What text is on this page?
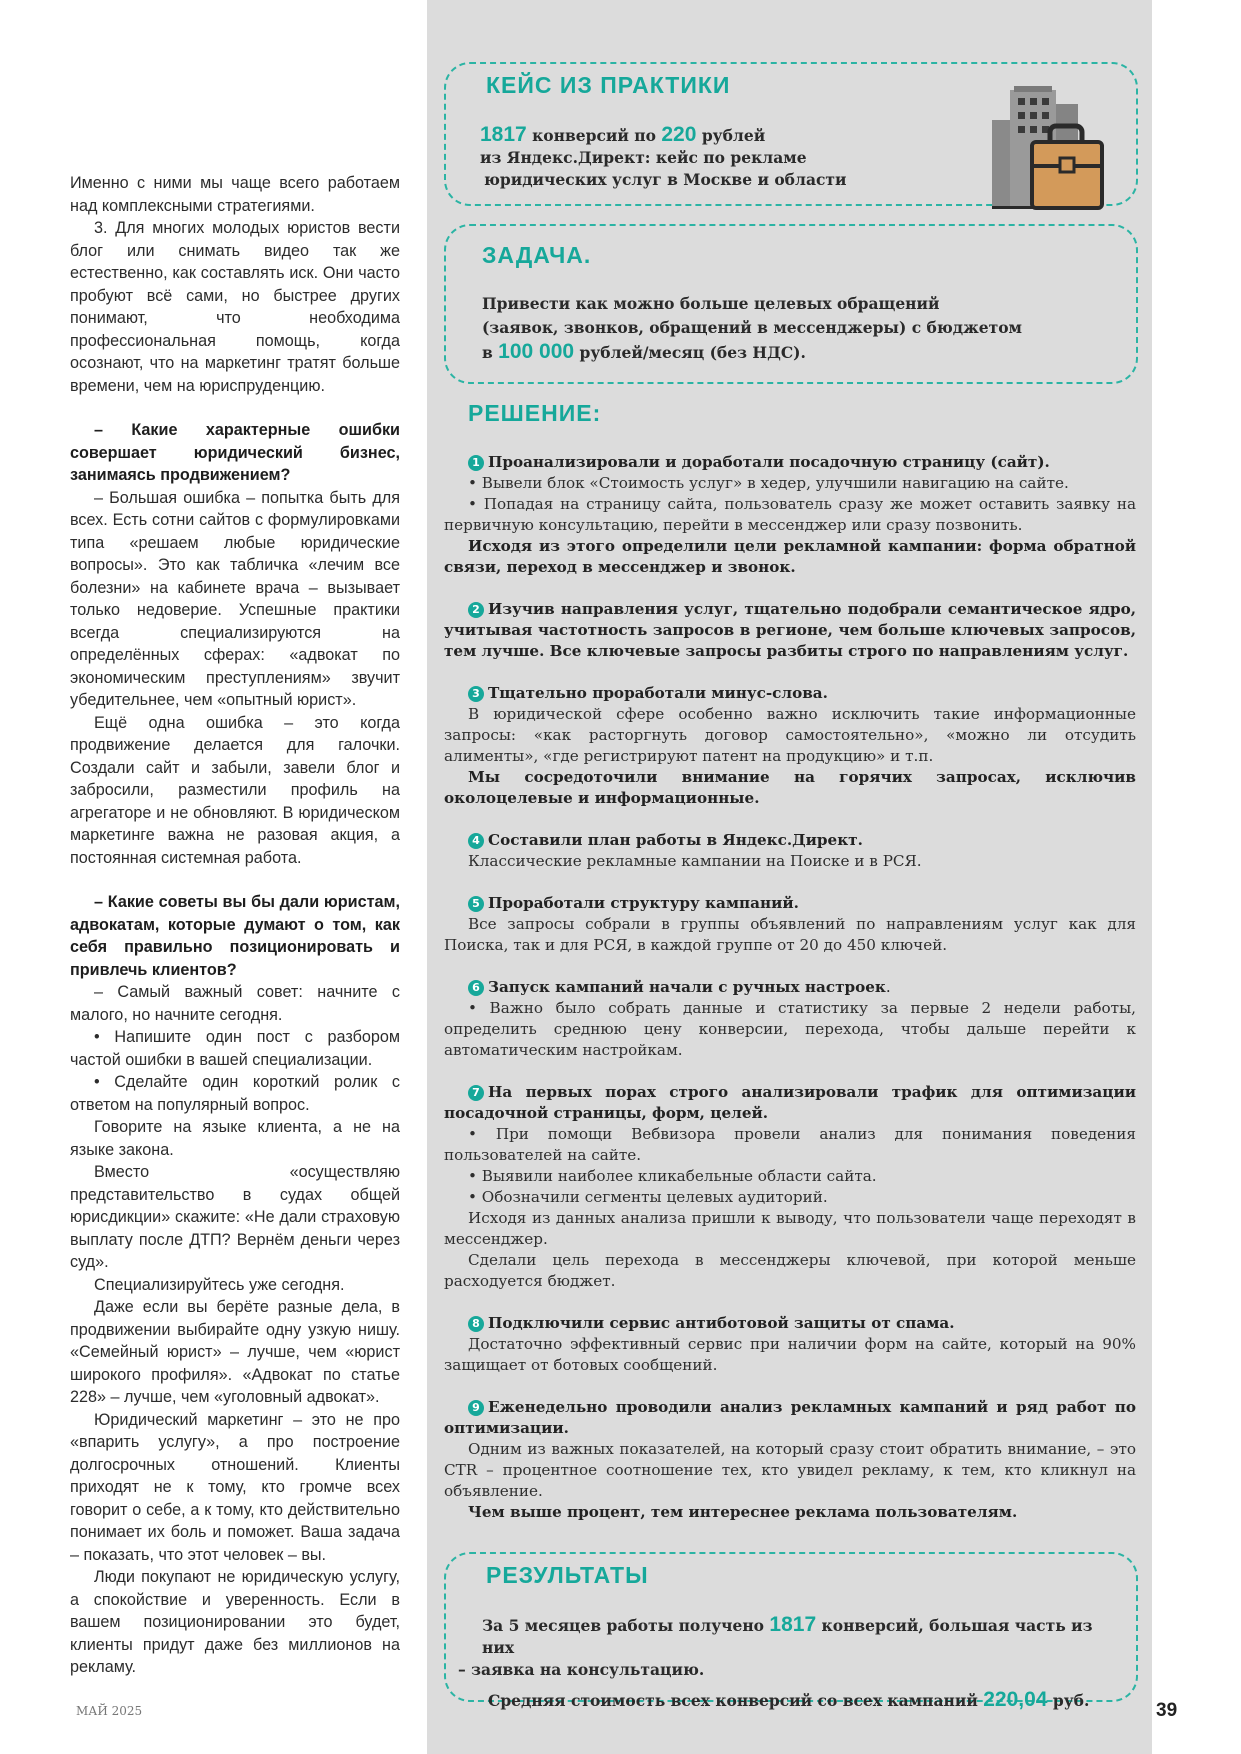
Именно с ними мы чаще всего работаем над комплексными стратегиями.

3. Для многих молодых юристов вести блог или снимать видео так же естественно, как составлять иск. Они часто пробуют всё сами, но быстрее других понимают, что необходима профессиональная помощь, когда осознают, что на маркетинг тратят больше времени, чем на юриспруденцию.

– Какие характерные ошибки совершает юридический бизнес, занимаясь продвижением?

– Большая ошибка – попытка быть для всех. Есть сотни сайтов с формулировками типа «решаем любые юридические вопросы». Это как табличка «лечим все болезни» на кабинете врача – вызывает только недоверие. Успешные практики всегда специализируются на определённых сферах: «адвокат по экономическим преступлениям» звучит убедительнее, чем «опытный юрист».

Ещё одна ошибка – это когда продвижение делается для галочки. Создали сайт и забыли, завели блог и забросили, разместили профиль на агрегаторе и не обновляют. В юридическом маркетинге важна не разовая акция, а постоянная системная работа.

– Какие советы вы бы дали юристам, адвокатам, которые думают о том, как себя правильно позиционировать и привлечь клиентов?

– Самый важный совет: начните с малого, но начните сегодня.

• Напишите один пост с разбором частой ошибки в вашей специализации.

• Сделайте один короткий ролик с ответом на популярный вопрос.

Говорите на языке клиента, а не на языке закона.

Вместо «осуществляю представительство в судах общей юрисдикции» скажите: «Не дали страховую выплату после ДТП? Вернём деньги через суд».

Специализируйтесь уже сегодня.

Даже если вы берёте разные дела, в продвижении выбирайте одну узкую нишу. «Семейный юрист» – лучше, чем «юрист широкого профиля». «Адвокат по статье 228» – лучше, чем «уголовный адвокат».

Юридический маркетинг – это не про «впарить услугу», а про построение долгосрочных отношений. Клиенты приходят не к тому, кто громче всех говорит о себе, а к тому, кто действительно понимает их боль и поможет. Ваша задача – показать, что этот человек – вы.

Люди покупают не юридическую услугу, а спокойствие и уверенность. Если в вашем позиционировании это будет, клиенты придут даже без миллионов на рекламу.

КЕЙС ИЗ ПРАКТИКИ
1817 конверсий по 220 рублей
из Яндекс.Директ: кейс по рекламе
юридических услуг в Москве и области
ЗАДАЧА.
Привести как можно больше целевых обращений
(заявок, звонков, обращений в мессенджеры) с бюджетом
в 100 000 рублей/месяц (без НДС).
РЕШЕНИЕ:

1 Проанализировали и доработали посадочную страницу (сайт).

• Вывели блок «Стоимость услуг» в хедер, улучшили навигацию на сайте.

• Попадая на страницу сайта, пользователь сразу же может оставить заявку на первичную консультацию, перейти в мессенджер или сразу позвонить.

Исходя из этого определили цели рекламной кампании: форма обратной связи, переход в мессенджер и звонок.

2 Изучив направления услуг, тщательно подобрали семантическое ядро, учитывая частотность запросов в регионе, чем больше ключевых запросов, тем лучше. Все ключевые запросы разбиты строго по направлениям услуг.

3 Тщательно проработали минус-слова.

В юридической сфере особенно важно исключить такие информационные запросы: «как расторгнуть договор самостоятельно», «можно ли отсудить алименты», «где регистрируют патент на продукцию» и т.п.

Мы сосредоточили внимание на горячих запросах, исключив околоцелевые и информационные.

4 Составили план работы в Яндекс.Директ.

Классические рекламные кампании на Поиске и в РСЯ.

5 Проработали структуру кампаний.

Все запросы собрали в группы объявлений по направлениям услуг как для Поиска, так и для РСЯ, в каждой группе от 20 до 450 ключей.

6 Запуск кампаний начали с ручных настроек.

• Важно было собрать данные и статистику за первые 2 недели работы, определить среднюю цену конверсии, перехода, чтобы дальше перейти к автоматическим настройкам.

7 На первых порах строго анализировали трафик для оптимизации посадочной страницы, форм, целей.

• При помощи Вебвизора провели анализ для понимания поведения пользователей на сайте.

• Выявили наиболее кликабельные области сайта.

• Обозначили сегменты целевых аудиторий.

Исходя из данных анализа пришли к выводу, что пользователи чаще переходят в мессенджер.

Сделали цель перехода в мессенджеры ключевой, при которой меньше расходуется бюджет.

8 Подключили сервис антиботовой защиты от спама.

Достаточно эффективный сервис при наличии форм на сайте, который на 90% защищает от ботовых сообщений.

9 Еженедельно проводили анализ рекламных кампаний и ряд работ по оптимизации.

Одним из важных показателей, на который сразу стоит обратить внимание, – это CTR – процентное соотношение тех, кто увидел рекламу, к тем, кто кликнул на объявление.

Чем выше процент, тем интереснее реклама пользователям.

РЕЗУЛЬТАТЫ
За 5 месяцев работы получено 1817 конверсий, большая часть из них
– заявка на консультацию.
Средняя стоимость всех конверсий со всех кампаний 220,04 руб.
МАЙ 2025	39
